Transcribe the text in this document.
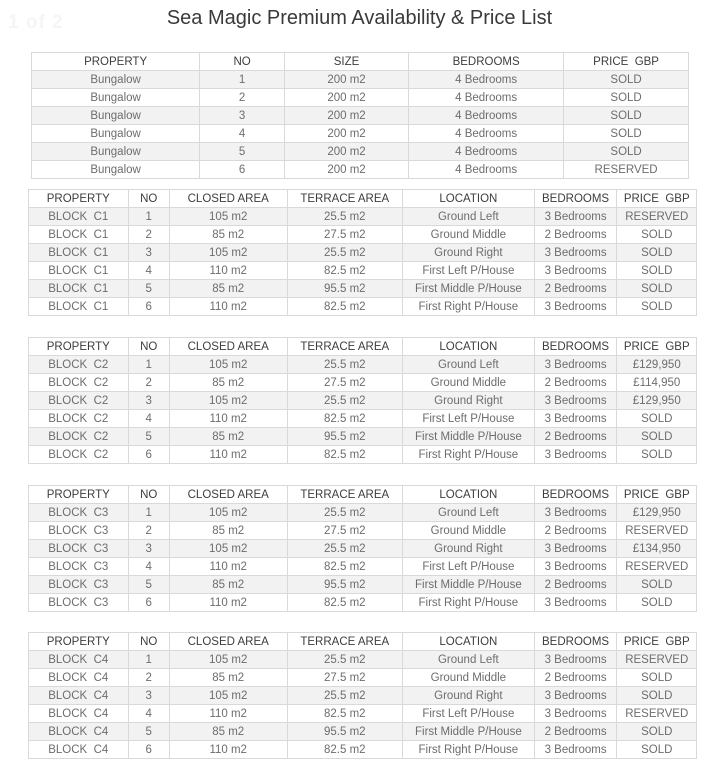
1 of 2	Sea Magic Premium Availability & Price List
PROPERTY	NO	SIZE	BEDROOMS	PRICE  GBP
Bungalow	1	200 m2	4 Bedrooms	SOLD
Bungalow	2	200 m2	4 Bedrooms	SOLD
Bungalow	3	200 m2	4 Bedrooms	SOLD
Bungalow	4	200 m2	4 Bedrooms	SOLD
Bungalow	5	200 m2	4 Bedrooms	SOLD
Bungalow	6	200 m2	4 Bedrooms	RESERVED
PROPERTY	NO	CLOSED AREA	TERRACE AREA	LOCATION	BEDROOMS	PRICE  GBP
BLOCK  C1	1	105 m2	25.5 m2	Ground Left	3 Bedrooms	RESERVED
BLOCK  C1	2	85 m2	27.5 m2	Ground Middle	2 Bedrooms	SOLD
BLOCK  C1	3	105 m2	25.5 m2	Ground Right	3 Bedrooms	SOLD
BLOCK  C1	4	110 m2	82.5 m2	First Left P/House	3 Bedrooms	SOLD
BLOCK  C1	5	85 m2	95.5 m2	First Middle P/House	2 Bedrooms	SOLD
BLOCK  C1	6	110 m2	82.5 m2	First Right P/House	3 Bedrooms	SOLD
PROPERTY	NO	CLOSED AREA	TERRACE AREA	LOCATION	BEDROOMS	PRICE  GBP
BLOCK  C2	1	105 m2	25.5 m2	Ground Left	3 Bedrooms	£129,950
BLOCK  C2	2	85 m2	27.5 m2	Ground Middle	2 Bedrooms	£114,950
BLOCK  C2	3	105 m2	25.5 m2	Ground Right	3 Bedrooms	£129,950
BLOCK  C2	4	110 m2	82.5 m2	First Left P/House	3 Bedrooms	SOLD
BLOCK  C2	5	85 m2	95.5 m2	First Middle P/House	2 Bedrooms	SOLD
BLOCK  C2	6	110 m2	82.5 m2	First Right P/House	3 Bedrooms	SOLD
PROPERTY	NO	CLOSED AREA	TERRACE AREA	LOCATION	BEDROOMS	PRICE  GBP
BLOCK  C3	1	105 m2	25.5 m2	Ground Left	3 Bedrooms	£129,950
BLOCK  C3	2	85 m2	27.5 m2	Ground Middle	2 Bedrooms	RESERVED
BLOCK  C3	3	105 m2	25.5 m2	Ground Right	3 Bedrooms	£134,950
BLOCK  C3	4	110 m2	82.5 m2	First Left P/House	3 Bedrooms	RESERVED
BLOCK  C3	5	85 m2	95.5 m2	First Middle P/House	2 Bedrooms	SOLD
BLOCK  C3	6	110 m2	82.5 m2	First Right P/House	3 Bedrooms	SOLD
PROPERTY	NO	CLOSED AREA	TERRACE AREA	LOCATION	BEDROOMS	PRICE  GBP
BLOCK  C4	1	105 m2	25.5 m2	Ground Left	3 Bedrooms	RESERVED
BLOCK  C4	2	85 m2	27.5 m2	Ground Middle	2 Bedrooms	SOLD
BLOCK  C4	3	105 m2	25.5 m2	Ground Right	3 Bedrooms	SOLD
BLOCK  C4	4	110 m2	82.5 m2	First Left P/House	3 Bedrooms	RESERVED
BLOCK  C4	5	85 m2	95.5 m2	First Middle P/House	2 Bedrooms	SOLD
BLOCK  C4	6	110 m2	82.5 m2	First Right P/House	3 Bedrooms	SOLD
